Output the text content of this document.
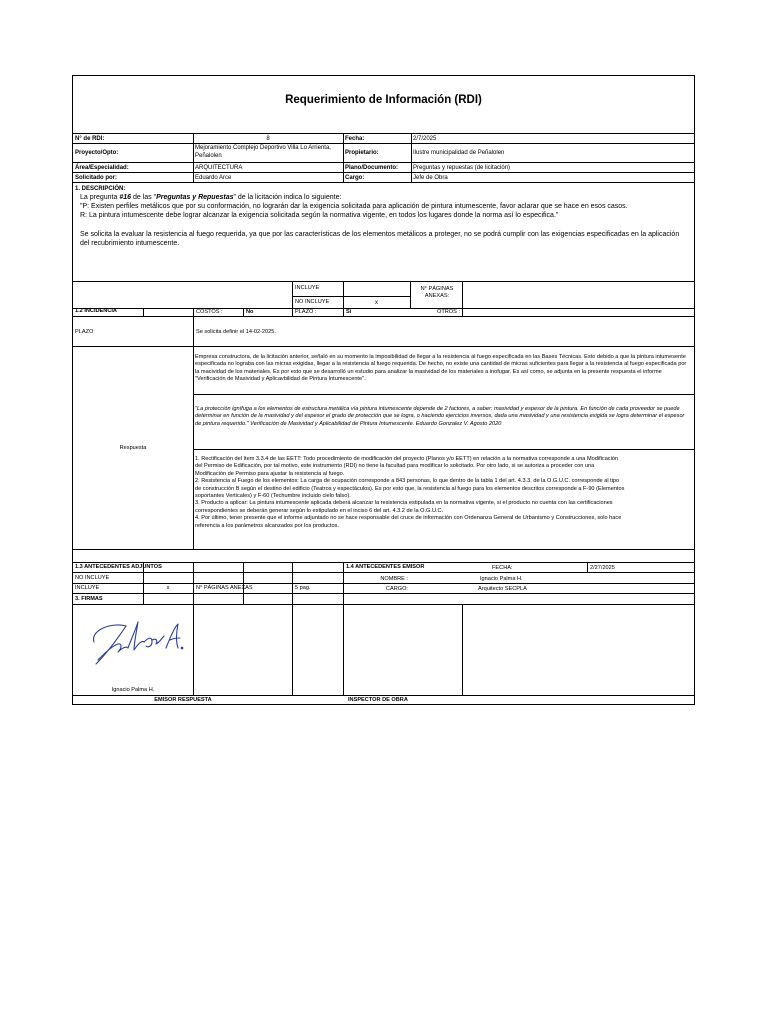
Requerimiento de Información (RDI)
N° de RDI:	8	Fecha:	2/7/2025
Proyecto/Opto:
Mejoramiento Complejo Deportivo Villa Lo Arrienta, Peñalolen	Propietario:	Ilustre municipalidad de Peñalolen
Área/Especialidad:	ARQUITECTURA	Plano/Documento:	Preguntas y repuestas (de licitación)
Solicitado por:	Eduardo Arce	Cargo:	Jefe de Obra
1. DESCRIPCIÓN:
La pregunta #16 de las "Preguntas y Repuestas" de la licitación indica lo siguiente:
"P: Existen perfiles metálicos que por su conformación, no lograrán dar la exigencia solicitada para aplicación de pintura intumescente, favor aclarar que se hace en esos casos.
R: La pintura intumescente debe lograr alcanzar la exigencia solicitada según la normativa vigente, en todos los lugares donde la norma así lo especifica."
Se solicita la evaluar la resistencia al fuego requerida, ya que por las características de los elementos metálicos a proteger, no se podrá cumplir con las exigencias especificadas en la aplicación del recubrimiento intumescente.
INCLUYE
NO INCLUYE	x
N° PÁGINAS ANEXAS:
1.2 INCIDENCIA	COSTOS :	No	PLAZO :	Si	OTROS :
PLAZO	Se solicita definir el 14-02-2025.
Respuesta
Empresa constructora, de la licitación anterior, señaló en su momento la imposibilidad de llegar a la resistencia al fuego especificada en las Bases Técnicas. Esto debido a que la pintura intumesente especificada no lograba con las micras exigidas, llegar a la resistencia al fuego requerida. De hecho, no existe una cantidad de micras suficientes para llegar a la resistencia al fuego especificada por la macividad de los materiales. Es por esto que se desarrolló un estudio para analizar la masividad de los materiales a inofugar. Es así como, se adjunta en la presente respuesta el informe "Verificación de Masividad y Aplicavbilidad de Pintura Intumescente".
"La protección ignífuga a los elementos de estructura metálica vía pintura intumescente depende de 2 factores, a saber: masividad y espesor de la pintura. En función de cada proveedor se puede determinar en función de la masividad y del espesor el grado de protección que se logra, o haciendo ejercicios inversos, dada una masividad y una resistencia exigida se logra determinar el espesor de pintura requerido." Verificación de Masividad y Aplicabilidad de Pintura Intumescente. Eduardo Gonzalez V. Agosto 2020
1. Rectificación del ítem 3.3.4 de las EETT: Todo procedimiento de modificación del proyecto (Planos y/o EETT) en relación a la normativa corresponde a una Modificación del Permiso de Edificación, por tal motivo, este instrumento (RDI) no tiene la facultad para modificar lo solicitado. Por otro lado, si se autoriza a proceder con una Modificación de Permiso para ajustar la resistencia al fuego.
2. Resistencia al Fuego de los elementos: La carga de ocupación corresponde a 843 personas, lo que dentro de la tabla 1 del art. 4.3.3. de la O.G.U.C. corresponde al tipo de construcción B según el destino del edificio (Teatros y espectáculos). Es por esto que, la resistencia al fuego para los elementos descritos corresponde a F-90 (Elementos soportantes Verticales) y F-60 (Techumbre incluido cielo falso).
3. Producto a aplicar: La pintura intumescente aplicada deberá alcanzar la resistencia estipulada en la normativa vigente, si el producto no cuenta con las certificaciones correspondientes se deberán generar según lo estipulado en el inciso 6 del art. 4.3.2 de la O.G.U.C.
4. Por último, tener presente que el informe adjuntado no se hace responsable del cruce de información con Ordenanza General de Urbanismo y Construcciones, solo hace referencia a los parámetros alcanzados por los productos.
1.3 ANTECEDENTES ADJUNTOS
NO INCLUYE
INCLUYE	x	N° PÁGINAS ANEXAS	5 pag.
1.4 ANTECEDENTES EMISOR	FECHA:	2/27/2025
NOMBRE :	Ignacio Palma H.
CARGO:	Arquitecto SECPLA
3. FIRMAS
Ignacio Palma H.
EMISOR RESPUESTA	INSPECTOR DE OBRA
